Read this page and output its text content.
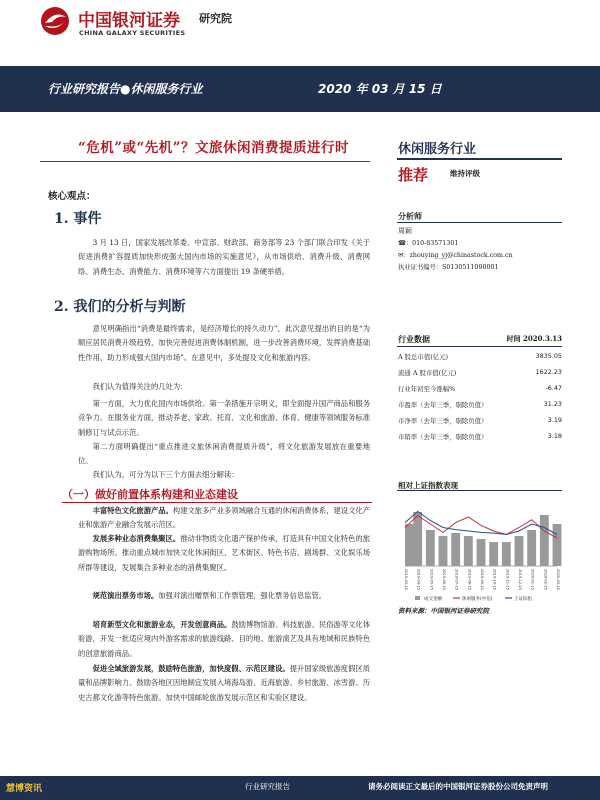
中国银河证券 研究院
CHINA GALAXY SECURITIES
行业研究报告●休闲服务行业	2020 年 03 月 15 日
“危机”或“先机”？文旅休闲消费提质进行时	休闲服务行业
推荐	维持评级
核心观点：
1. 事件
3 月 13 日，国家发展改革委、中宣部、财政部、商务部等 23 个部门联合印发《关于促进消费扩容提质加快形成强大国内市场的实施意见》，从市场供给、消费升级、消费网络、消费生态、消费能力、消费环境等六方面提出 19 条硬举措。
2. 我们的分析与判断
意见明确指出“消费是最终需求，是经济增长的持久动力”，此次意见提出的目的是“为顺应居民消费升级趋势，加快完善促进消费体制机制，进一步改善消费环境，发挥消费基础性作用，助力形成强大国内市场”。在意见中，多处提及文化和旅游内容。
我们认为值得关注的几处为：
第一方面，大力优化国内市场供给。第一条措施开宗明义，即全面提升国产商品和服务竞争力。在服务业方面，推动养老、家政、托育、文化和旅游、体育、健康等领域服务标准制修订与试点示范。
第二方面明确提出“重点推进文旅休闲消费提质升级”，将文化旅游发展放在重要地位。
我们认为，可分为以下三个方面去细分解读：
（一）做好前置体系构建和业态建设
丰富特色文化旅游产品。构建文旅多产业多领域融合互通的休闲消费体系，建设文化产业和旅游产业融合发展示范区。
发展多种业态消费集聚区。推动非物质文化遗产保护传承，打造具有中国文化特色的旅游购物场所。推动重点城市加快文化休闲街区、艺术街区、特色书店、剧场群、文化娱乐场所群等建设，发展集合多种业态的消费集聚区。
规范演出票务市场。加强对演出赠票和工作票管理，强化票务信息监管。
培育新型文化和旅游业态，开发创意商品。鼓励博物馆游、科技旅游、民俗游等文化体验游，开发一批适应境内外游客需求的旅游线路、目的地、旅游演艺及具有地域和民族特色的创意旅游商品。
促进全域旅游发展，鼓励特色旅游，加快度假、示范区建设。提升国家级旅游度假区质量和品牌影响力。鼓励各地区因地制宜发展入境海岛游、近海旅游、乡村旅游、冰雪游、历史古都文化游等特色旅游。加快中国邮轮旅游发展示范区和实验区建设。
分析师
周颖
☎：010-83571301
✉：zhouying_yj@chinastock.com.cn
执业证书编号：S0130511090001
行业数据	时间 2020.3.13
A 股总市值(亿元)	3835.05
流通 A 股市值(亿元)	1622.23
行业年初至今涨幅%	-6.47
市盈率（去年三季，剔除负值）	31.23
市净率（去年三季，剔除负值）	3.19
市销率（去年三季，剔除负值）	3.18
相对上证指数表现
2019-03-15 2019-04-15 2019-05-15 2019-06-15 2019-07-15 2019-08-15 2019-09-15 2019-10-15 2019-11-15 2019-12-15 2020-01-15 2020-02-15 2020-03-15
成交金额	休闲服务(中信)	上证综指
资料来源：中国银河证券研究院
慧博资讯	行业研究报告	请务必阅读正文最后的中国银河证券股份公司免责声明
